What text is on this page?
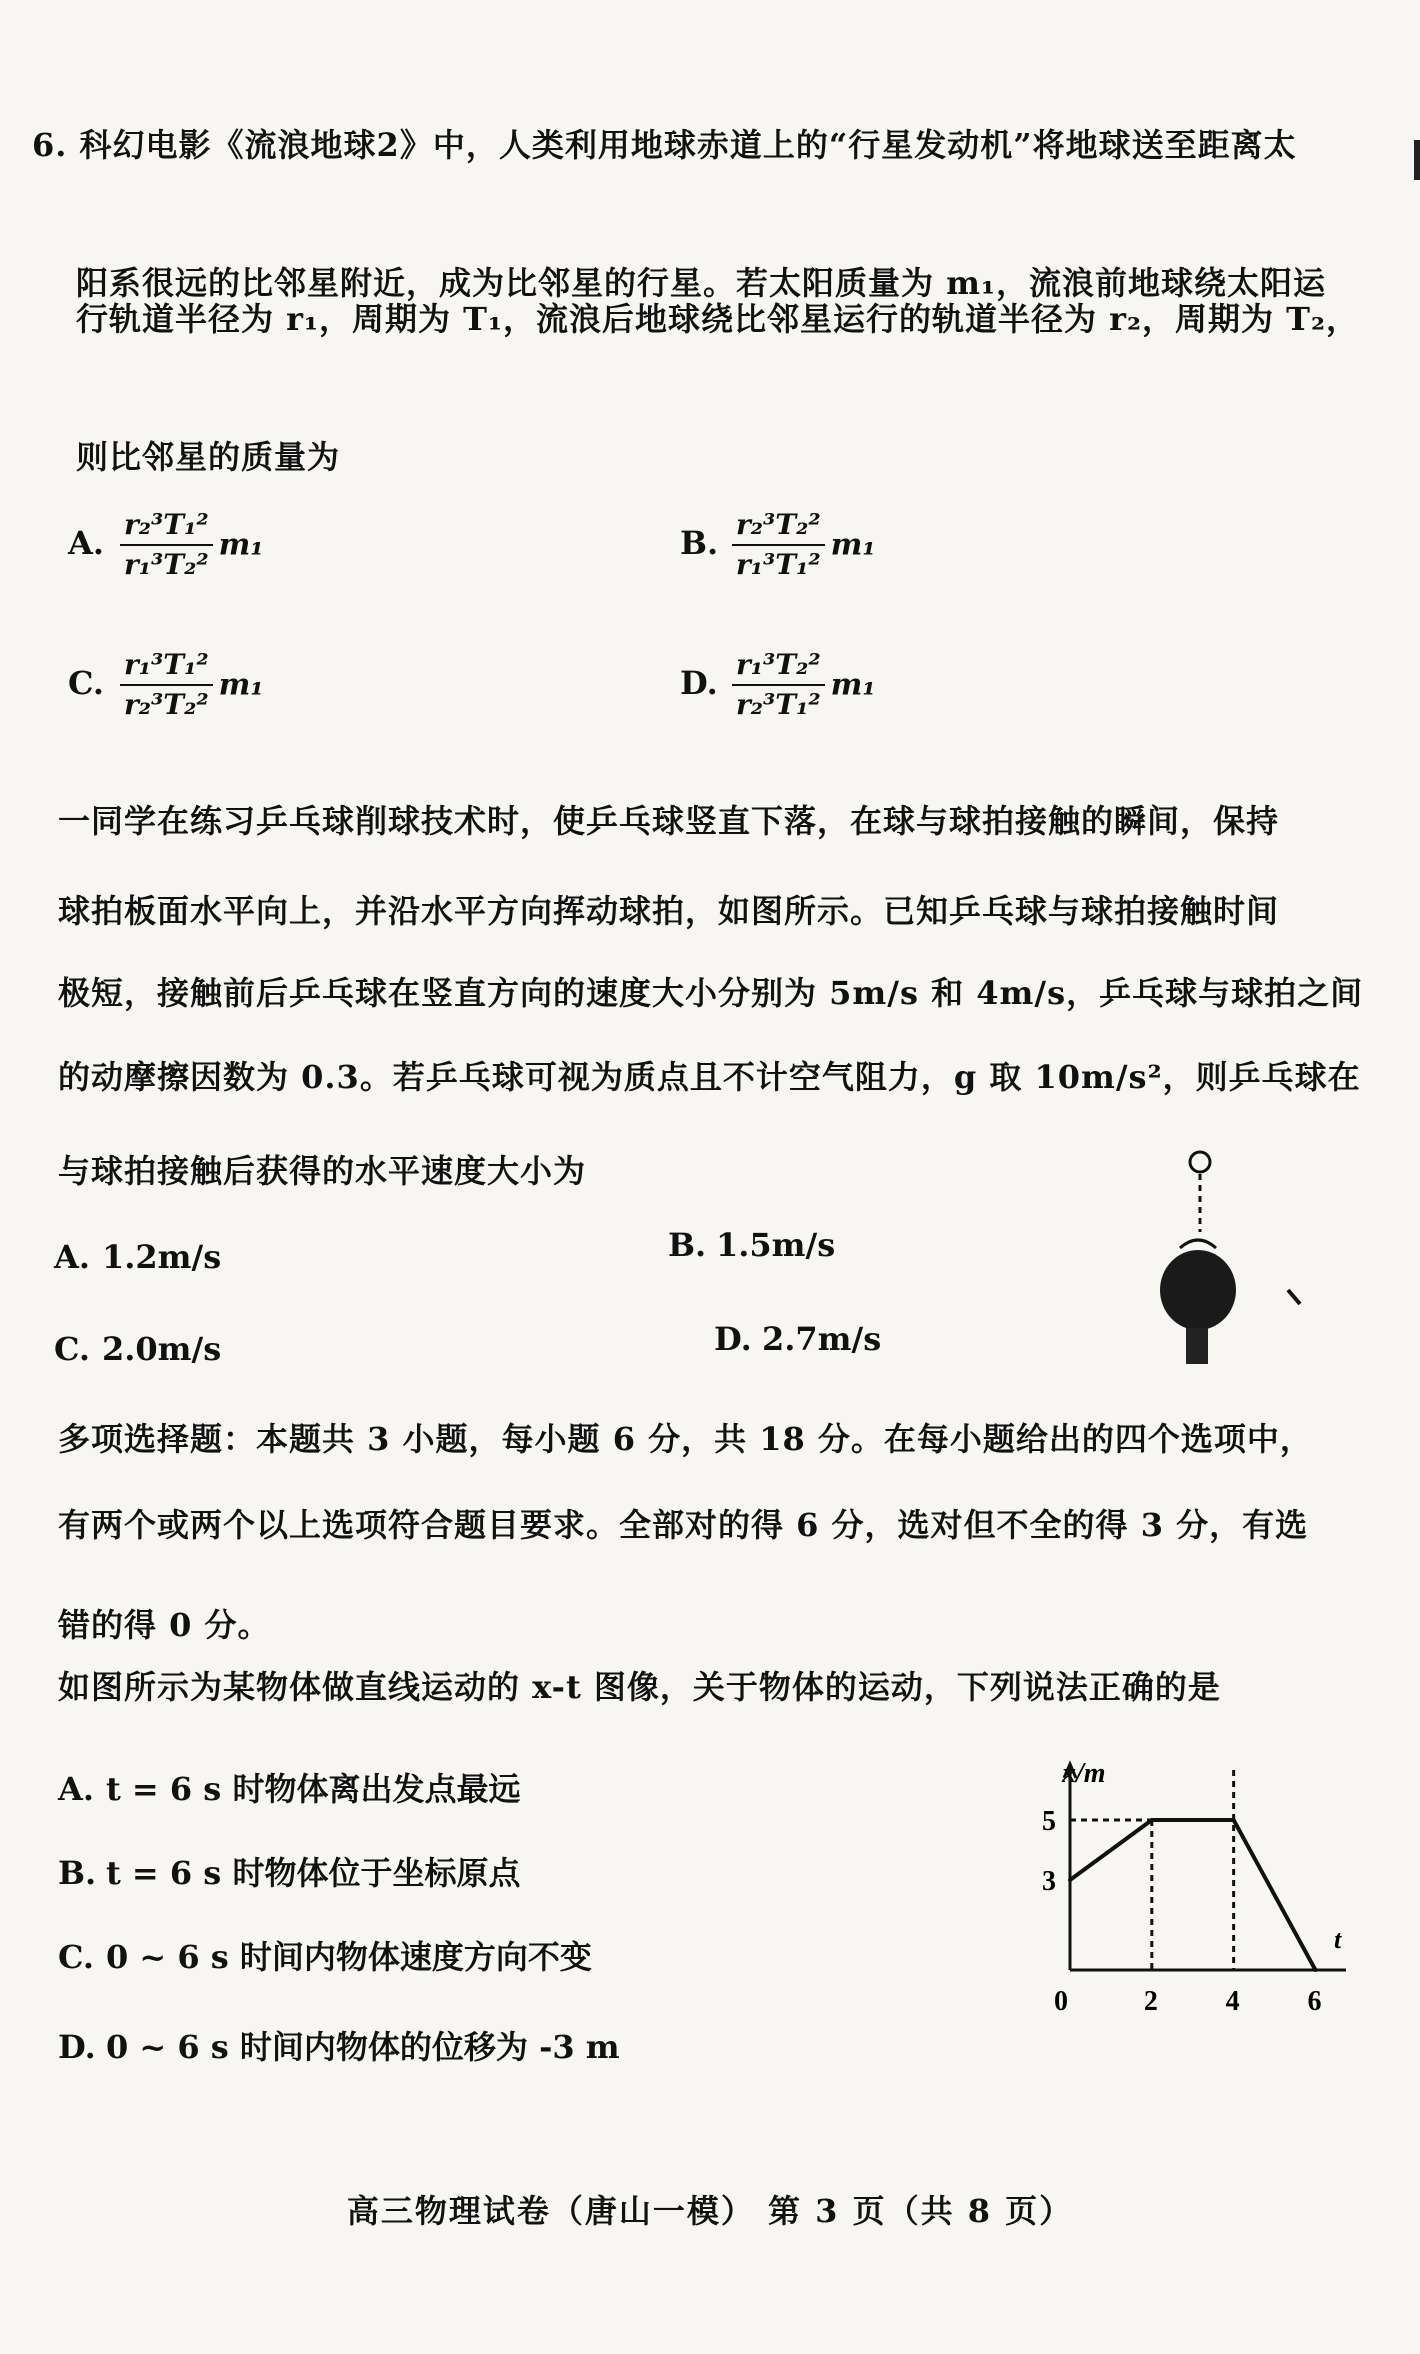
6. 科幻电影《流浪地球2》中，人类利用地球赤道上的“行星发动机”将地球送至距离太
阳系很远的比邻星附近，成为比邻星的行星。若太阳质量为 m₁，流浪前地球绕太阳运
行轨道半径为 r₁，周期为 T₁，流浪后地球绕比邻星运行的轨道半径为 r₂，周期为 T₂，
则比邻星的质量为
A. $\frac{\text{r₂³T₁²}}{\text{r₁³T₂²}} m_1$	B. $\frac{\text{r₂³T₂²}}{\text{r₁³T₁²}} m_1$
C. $\frac{\text{r₁³T₁²}}{\text{r₂³T₂²}} m_1$	D. $\frac{\text{r₁³T₂²}}{\text{r₂³T₁²}} m_1$
一同学在练习乒乓球削球技术时，使乒乓球竖直下落，在球与球拍接触的瞬间，保持
球拍板面水平向上，并沿水平方向挥动球拍，如图所示。已知乒乓球与球拍接触时间
极短，接触前后乒乓球在竖直方向的速度大小分别为 5m/s 和 4m/s，乒乓球与球拍之间
的动摩擦因数为 0.3。若乒乓球可视为质点且不计空气阻力，g 取 10m/s²，则乒乓球在
与球拍接触后获得的水平速度大小为
A. 1.2m/s	B. 1.5m/s
C. 2.0m/s	D. 2.7m/s
多项选择题：本题共 3 小题，每小题 6 分，共 18 分。在每小题给出的四个选项中，
有两个或两个以上选项符合题目要求。全部对的得 6 分，选对但不全的得 3 分，有选
错的得 0 分。
如图所示为某物体做直线运动的 x-t 图像，关于物体的运动，下列说法正确的是
A. t = 6 s 时物体离出发点最远
B. t = 6 s 时物体位于坐标原点
C. 0 ~ 6 s 时间内物体速度方向不变
D. 0 ~ 6 s 时间内物体的位移为 -3 m
x/m
t
0	2 4 6
3
5
高三物理试卷（唐山一模） 第 3 页（共 8 页）
